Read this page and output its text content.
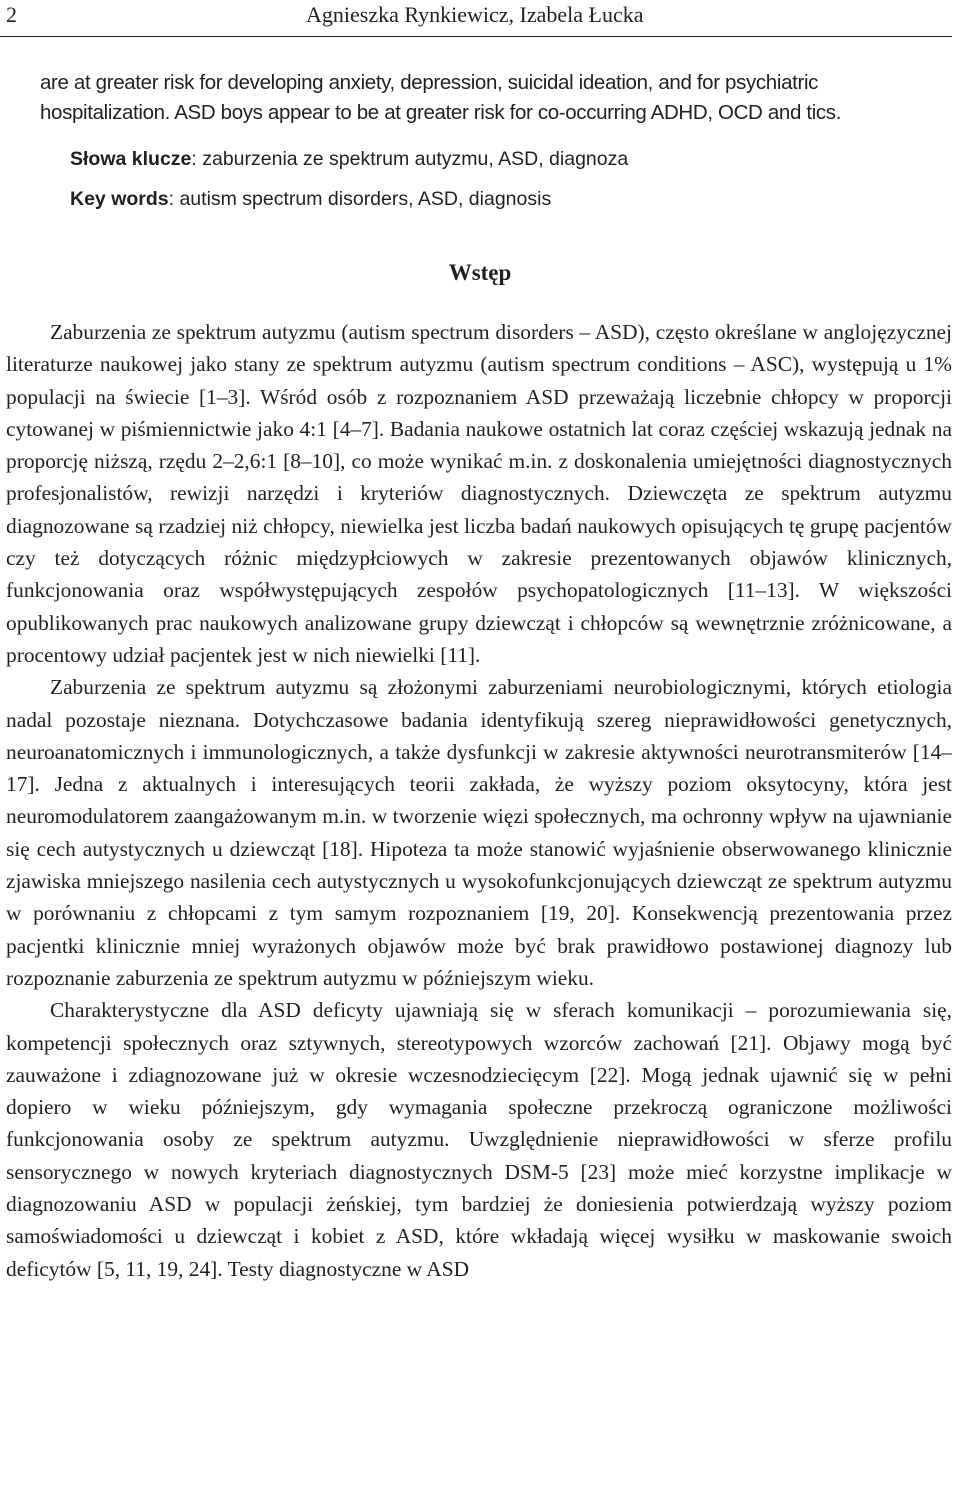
2	Agnieszka Rynkiewicz, Izabela Łucka
are at greater risk for developing anxiety, depression, suicidal ideation, and for psychiatric hospitalization. ASD boys appear to be at greater risk for co-occurring ADHD, OCD and tics.
Słowa klucze: zaburzenia ze spektrum autyzmu, ASD, diagnoza
Key words: autism spectrum disorders, ASD, diagnosis
Wstęp

Zaburzenia ze spektrum autyzmu (autism spectrum disorders – ASD), często określane w anglojęzycznej literaturze naukowej jako stany ze spektrum autyzmu (autism spectrum conditions – ASC), występują u 1% populacji na świecie [1–3]. Wśród osób z rozpoznaniem ASD przeważają liczebnie chłopcy w proporcji cytowanej w piśmiennictwie jako 4:1 [4–7]. Badania naukowe ostatnich lat coraz częściej wskazują jednak na proporcję niższą, rzędu 2–2,6:1 [8–10], co może wynikać m.in. z doskonalenia umiejętności diagnostycznych profesjonalistów, rewizji narzędzi i kryteriów diagnostycznych. Dziewczęta ze spektrum autyzmu diagnozowane są rzadziej niż chłopcy, niewielka jest liczba badań naukowych opisujących tę grupę pacjentów czy też dotyczących różnic międzypłciowych w zakresie prezentowanych objawów klinicznych, funkcjonowania oraz współwystępujących zespołów psychopatologicznych [11–13]. W większości opublikowanych prac naukowych analizowane grupy dziewcząt i chłopców są wewnętrznie zróżnicowane, a procentowy udział pacjentek jest w nich niewielki [11].

Zaburzenia ze spektrum autyzmu są złożonymi zaburzeniami neurobiologicznymi, których etiologia nadal pozostaje nieznana. Dotychczasowe badania identyfikują szereg nieprawidłowości genetycznych, neuroanatomicznych i immunologicznych, a także dysfunkcji w zakresie aktywności neurotransmiterów [14–17]. Jedna z aktualnych i interesujących teorii zakłada, że wyższy poziom oksytocyny, która jest neuromodulatorem zaangażowanym m.in. w tworzenie więzi społecznych, ma ochronny wpływ na ujawnianie się cech autystycznych u dziewcząt [18]. Hipoteza ta może stanowić wyjaśnienie obserwowanego klinicznie zjawiska mniejszego nasilenia cech autystycznych u wysokofunkcjonujących dziewcząt ze spektrum autyzmu w porównaniu z chłopcami z tym samym rozpoznaniem [19, 20]. Konsekwencją prezentowania przez pacjentki klinicznie mniej wyrażonych objawów może być brak prawidłowo postawionej diagnozy lub rozpoznanie zaburzenia ze spektrum autyzmu w późniejszym wieku.

Charakterystyczne dla ASD deficyty ujawniają się w sferach komunikacji – porozumiewania się, kompetencji społecznych oraz sztywnych, stereotypowych wzorców zachowań [21]. Objawy mogą być zauważone i zdiagnozowane już w okresie wczesnodziecięcym [22]. Mogą jednak ujawnić się w pełni dopiero w wieku późniejszym, gdy wymagania społeczne przekroczą ograniczone możliwości funkcjonowania osoby ze spektrum autyzmu. Uwzględnienie nieprawidłowości w sferze profilu sensorycznego w nowych kryteriach diagnostycznych DSM-5 [23] może mieć korzystne implikacje w diagnozowaniu ASD w populacji żeńskiej, tym bardziej że doniesienia potwierdzają wyższy poziom samoświadomości u dziewcząt i kobiet z ASD, które wkładają więcej wysiłku w maskowanie swoich deficytów [5, 11, 19, 24]. Testy diagnostyczne w ASD
